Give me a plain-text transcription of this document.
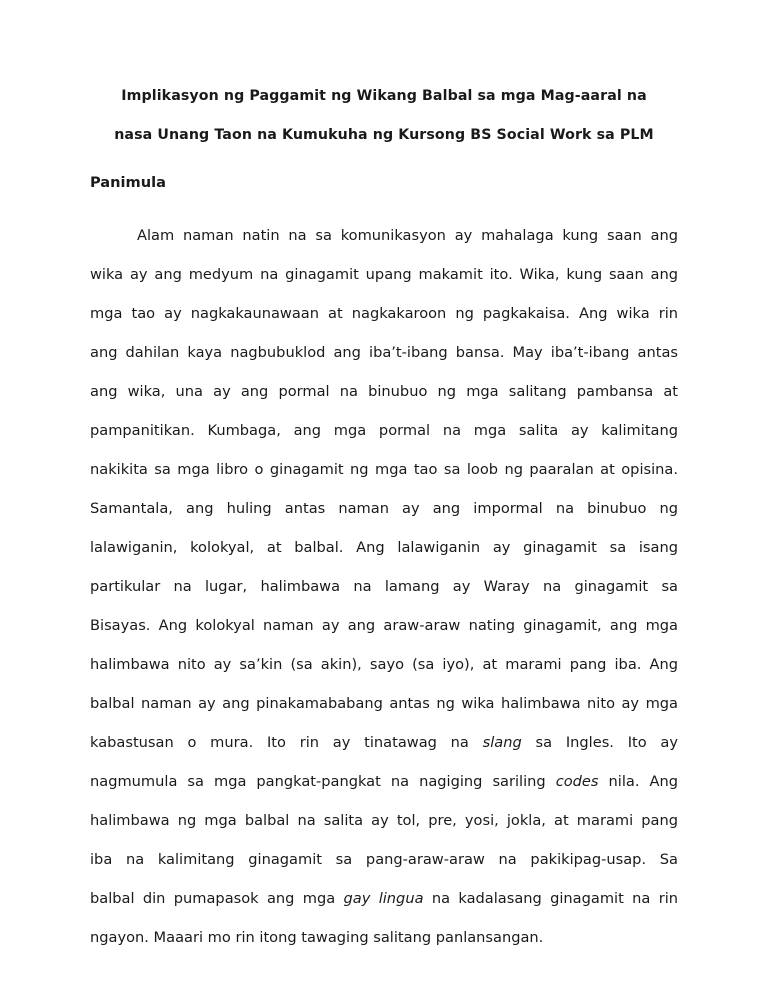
Implikasyon ng Paggamit ng Wikang Balbal sa mga Mag-aaral na
nasa Unang Taon na Kumukuha ng Kursong BS Social Work sa PLM
Panimula
Alam naman natin na sa komunikasyon ay mahalaga kung saan ang
wika ay ang medyum na ginagamit upang makamit ito. Wika, kung saan ang
mga tao ay nagkakaunawaan at nagkakaroon ng pagkakaisa. Ang wika rin
ang dahilan kaya nagbubuklod ang iba’t-ibang bansa. May iba’t-ibang antas
ang wika, una ay ang pormal na binubuo ng mga salitang pambansa at
pampanitikan. Kumbaga, ang mga pormal na mga salita ay kalimitang
nakikita sa mga libro o ginagamit ng mga tao sa loob ng paaralan at opisina.
Samantala, ang huling antas naman ay ang impormal na binubuo ng
lalawiganin, kolokyal, at balbal. Ang lalawiganin ay ginagamit sa isang
partikular na lugar, halimbawa na lamang ay Waray na ginagamit sa
Bisayas. Ang kolokyal naman ay ang araw-araw nating ginagamit, ang mga
halimbawa nito ay sa’kin (sa akin), sayo (sa iyo), at marami pang iba. Ang
balbal naman ay ang pinakamababang antas ng wika halimbawa nito ay mga
kabastusan o mura. Ito rin ay tinatawag na slang sa Ingles. Ito ay
nagmumula sa mga pangkat-pangkat na nagiging sariling codes nila. Ang
halimbawa ng mga balbal na salita ay tol, pre, yosi, jokla, at marami pang
iba na kalimitang ginagamit sa pang-araw-araw na pakikipag-usap. Sa
balbal din pumapasok ang mga gay lingua na kadalasang ginagamit na rin
ngayon. Maaari mo rin itong tawaging salitang panlansangan.
